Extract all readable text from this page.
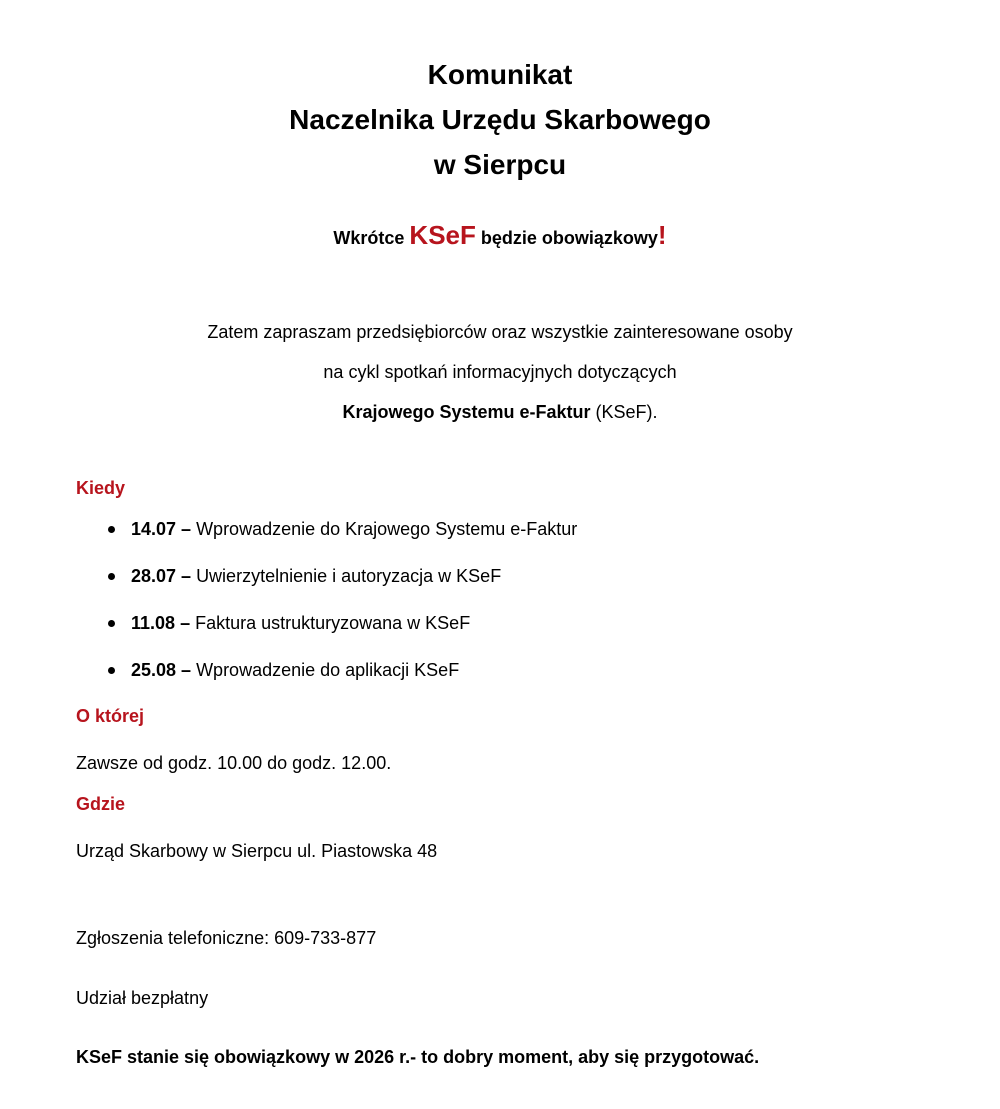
Komunikat
Naczelnika Urzędu Skarbowego
w Sierpcu
Wkrótce KSeF będzie obowiązkowy!
Zatem zapraszam przedsiębiorców oraz wszystkie zainteresowane osoby
na cykl spotkań informacyjnych dotyczących
Krajowego Systemu e-Faktur (KSeF).
Kiedy
14.07 – Wprowadzenie do Krajowego Systemu e-Faktur
28.07 – Uwierzytelnienie i autoryzacja w KSeF
11.08 – Faktura ustrukturyzowana w KSeF
25.08 – Wprowadzenie do aplikacji KSeF
O której
Zawsze od godz. 10.00 do godz. 12.00.
Gdzie
Urząd Skarbowy w Sierpcu ul. Piastowska 48
Zgłoszenia telefoniczne: 609-733-877
Udział bezpłatny
KSeF stanie się obowiązkowy w 2026 r.- to dobry moment, aby się przygotować.
